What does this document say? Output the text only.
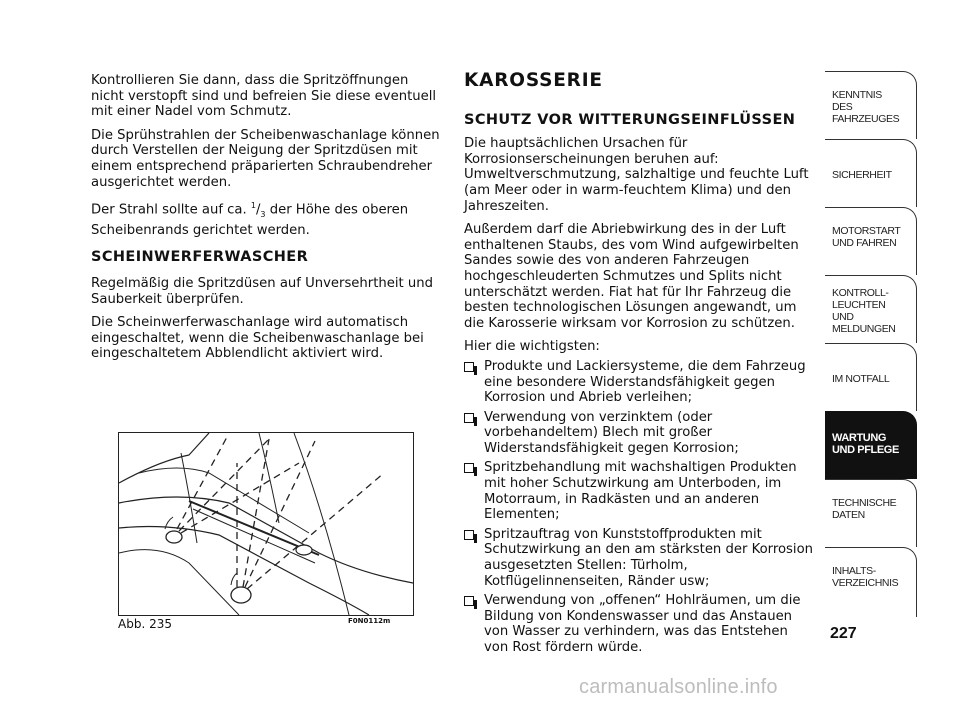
Kontrollieren Sie dann, dass die Spritzöffnungen nicht verstopft sind und befreien Sie diese eventuell mit einer Nadel vom Schmutz.

Die Sprühstrahlen der Scheibenwaschanlage können durch Verstellen der Neigung der Spritzdüsen mit einem entsprechend präparierten Schraubendreher ausgerichtet werden.

Der Strahl sollte auf ca. $^1/_3$ der Höhe des oberen Scheibenrands gerichtet werden.

SCHEINWERFERWASCHER

Regelmäßig die Spritzdüsen auf Unversehrtheit und Sauberkeit überprüfen.

Die Scheinwerferwaschanlage wird automatisch eingeschaltet, wenn die Scheibenwaschanlage bei eingeschaltetem Abblendlicht aktiviert wird.

Abb. 235	F0N0112m
KAROSSERIE
SCHUTZ VOR WITTERUNGSEINFLÜSSEN

Die hauptsächlichen Ursachen für Korrosionserscheinungen beruhen auf: Umweltverschmutzung, salzhaltige und feuchte Luft (am Meer oder in warm-feuchtem Klima) und den Jahreszeiten.

Außerdem darf die Abriebwirkung des in der Luft enthaltenen Staubs, des vom Wind aufgewirbelten Sandes sowie des von anderen Fahrzeugen hochgeschleuderten Schmutzes und Splits nicht unterschätzt werden. Fiat hat für Ihr Fahrzeug die besten technologischen Lösungen angewandt, um die Karosserie wirksam vor Korrosion zu schützen.

Hier die wichtigsten:

Produkte und Lackiersysteme, die dem Fahrzeug eine besondere Widerstandsfähigkeit gegen Korrosion und Abrieb verleihen;
Verwendung von verzinktem (oder vorbehandeltem) Blech mit großer Widerstandsfähigkeit gegen Korrosion;
Spritzbehandlung mit wachshaltigen Produkten mit hoher Schutzwirkung am Unterboden, im Motorraum, in Radkästen und an anderen Elementen;
Spritzauftrag von Kunststoffprodukten mit Schutzwirkung an den am stärksten der Korrosion ausgesetzten Stellen: Türholm, Kotflügelinnenseiten, Ränder usw;
Verwendung von „offenen“ Hohlräumen, um die Bildung von Kondenswasser und das Anstauen von Wasser zu verhindern, was das Entstehen von Rost fördern würde.
KENNTNIS
DES FAHRZEUGES
SICHERHEIT
MOTORSTART
UND FAHREN
KONTROLL-
LEUCHTEN
UND MELDUNGEN
IM NOTFALL
WARTUNG
UND PFLEGE
TECHNISCHE
DATEN
INHALTS-
VERZEICHNIS
227
carmanualsonline.info
